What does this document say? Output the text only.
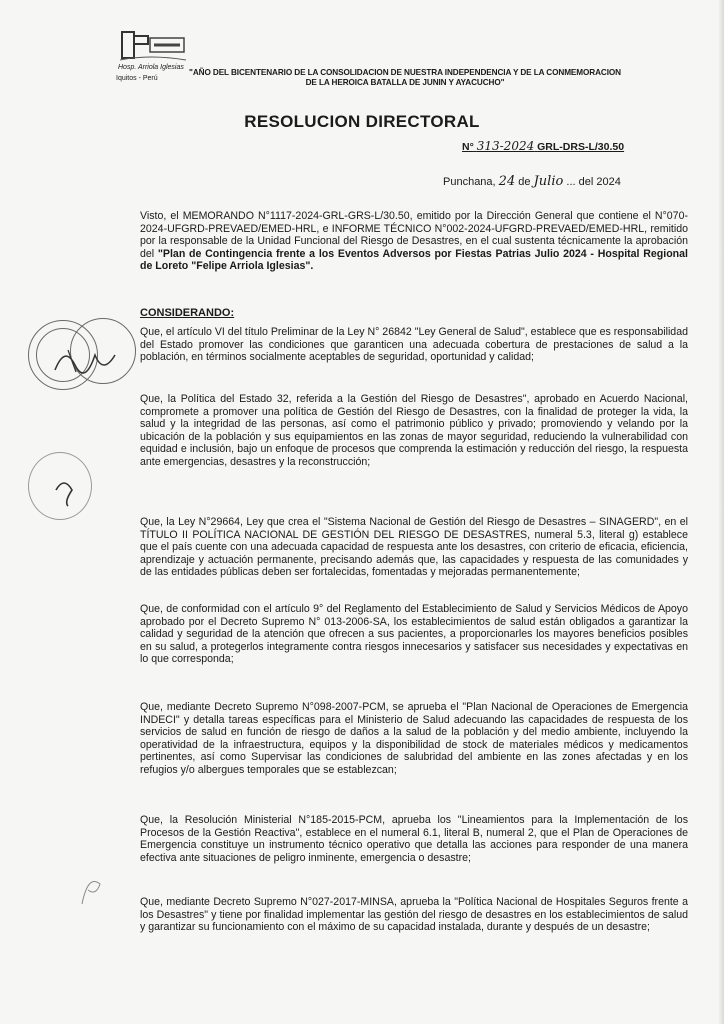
Hosp. Arriola Iglesias
Iquitos - Perú
"AÑO DEL BICENTENARIO DE LA CONSOLIDACION DE NUESTRA INDEPENDENCIA Y DE LA CONMEMORACION
DE LA HEROICA BATALLA DE JUNIN Y AYACUCHO"
RESOLUCION DIRECTORAL
N° 313-2024 GRL-DRS-L/30.50
Punchana, 24 de Julio ... del 2024

Visto, el MEMORANDO N°1117-2024-GRL-GRS-L/30.50, emitido por la Dirección General que contiene el N°070-2024-UFGRD-PREVAED/EMED-HRL, e INFORME TÉCNICO N°002-2024-UFGRD-PREVAED/EMED-HRL, remitido por la responsable de la Unidad Funcional del Riesgo de Desastres, en el cual sustenta técnicamente la aprobación del "Plan de Contingencia frente a los Eventos Adversos por Fiestas Patrias Julio 2024 - Hospital Regional de Loreto "Felipe Arriola Iglesias".

CONSIDERANDO:

Que, el artículo VI del título Preliminar de la Ley N° 26842 "Ley General de Salud", establece que es responsabilidad del Estado promover las condiciones que garanticen una adecuada cobertura de prestaciones de salud a la población, en términos socialmente aceptables de seguridad, oportunidad y calidad;

Que, la Política del Estado 32, referida a la Gestión del Riesgo de Desastres", aprobado en Acuerdo Nacional, compromete a promover una política de Gestión del Riesgo de Desastres, con la finalidad de proteger la vida, la salud y la integridad de las personas, así como el patrimonio público y privado; promoviendo y velando por la ubicación de la población y sus equipamientos en las zonas de mayor seguridad, reduciendo la vulnerabilidad con equidad e inclusión, bajo un enfoque de procesos que comprenda la estimación y reducción del riesgo, la respuesta ante emergencias, desastres y la reconstrucción;

Que, la Ley N°29664, Ley que crea el "Sistema Nacional de Gestión del Riesgo de Desastres – SINAGERD", en el TÍTULO II POLÍTICA NACIONAL DE GESTIÓN DEL RIESGO DE DESASTRES, numeral 5.3, literal g) establece que el país cuente con una adecuada capacidad de respuesta ante los desastres, con criterio de eficacia, eficiencia, aprendizaje y actuación permanente, precisando además que, las capacidades y respuesta de las comunidades y de las entidades públicas deben ser fortalecidas, fomentadas y mejoradas permanentemente;

Que, de conformidad con el artículo 9° del Reglamento del Establecimiento de Salud y Servicios Médicos de Apoyo aprobado por el Decreto Supremo N° 013-2006-SA, los establecimientos de salud están obligados a garantizar la calidad y seguridad de la atención que ofrecen a sus pacientes, a proporcionarles los mayores beneficios posibles en su salud, a protegerlos integramente contra riesgos innecesarios y satisfacer sus necesidades y expectativas en lo que corresponda;

Que, mediante Decreto Supremo N°098-2007-PCM, se aprueba el "Plan Nacional de Operaciones de Emergencia INDECI" y detalla tareas específicas para el Ministerio de Salud adecuando las capacidades de respuesta de los servicios de salud en función de riesgo de daños a la salud de la población y del medio ambiente, incluyendo la operatividad de la infraestructura, equipos y la disponibilidad de stock de materiales médicos y medicamentos pertinentes, así como Supervisar las condiciones de salubridad del ambiente en las zones afectadas y en los refugios y/o albergues temporales que se establezcan;

Que, la Resolución Ministerial N°185-2015-PCM, aprueba los "Lineamientos para la Implementación de los Procesos de la Gestión Reactiva", establece en el numeral 6.1, literal B, numeral 2, que el Plan de Operaciones de Emergencia constituye un instrumento técnico operativo que detalla las acciones para responder de una manera efectiva ante situaciones de peligro inminente, emergencia o desastre;

Que, mediante Decreto Supremo N°027-2017-MINSA, aprueba la "Política Nacional de Hospitales Seguros frente a los Desastres" y tiene por finalidad implementar las gestión del riesgo de desastres en los establecimientos de salud y garantizar su funcionamiento con el máximo de su capacidad instalada, durante y después de un desastre;
